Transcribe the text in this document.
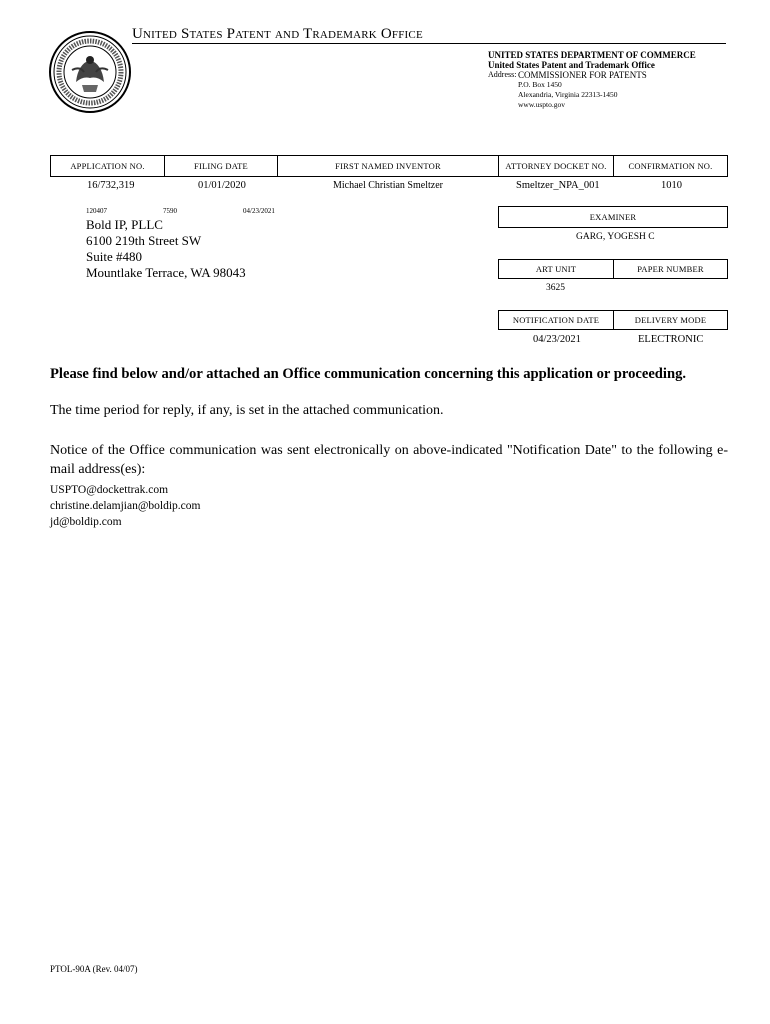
United States Patent and Trademark Office
UNITED STATES DEPARTMENT OF COMMERCE
United States Patent and Trademark Office
Address: COMMISSIONER FOR PATENTS
P.O. Box 1450
Alexandria, Virginia 22313-1450
www.uspto.gov
APPLICATION NO.	FILING DATE	FIRST NAMED INVENTOR	ATTORNEY DOCKET NO.	CONFIRMATION NO.
16/732,319	01/01/2020	Michael Christian Smeltzer	Smeltzer_NPA_001	1010
120407	7590	04/23/2021
Bold IP, PLLC
6100 219th Street SW
Suite #480
Mountlake Terrace, WA 98043
EXAMINER
GARG, YOGESH C
ART UNIT	PAPER NUMBER
3625
NOTIFICATION DATE	DELIVERY MODE
04/23/2021	ELECTRONIC
Please find below and/or attached an Office communication concerning this application or proceeding.
The time period for reply, if any, is set in the attached communication.
Notice of the Office communication was sent electronically on above-indicated "Notification Date" to the following e-mail address(es):
USPTO@dockettrak.com
christine.delamjian@boldip.com
jd@boldip.com
PTOL-90A (Rev. 04/07)
